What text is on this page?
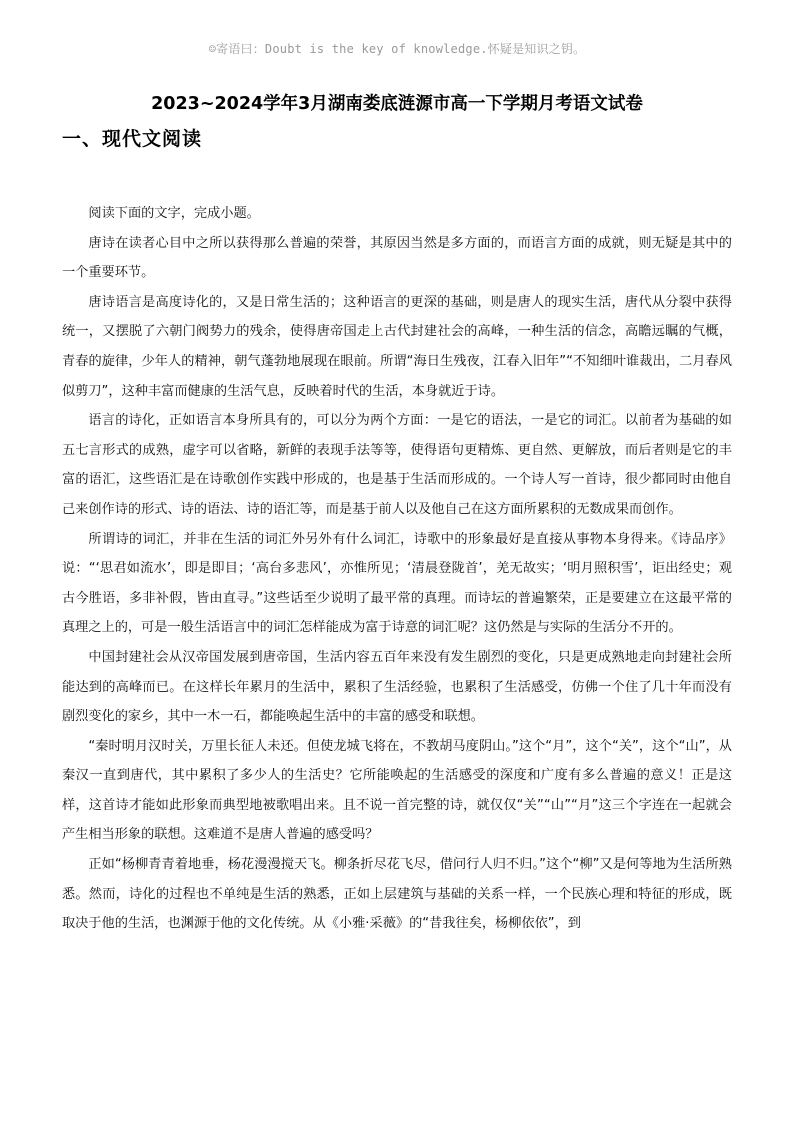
☺寄语曰：Doubt is the key of knowledge.怀疑是知识之钥。
2023~2024学年3月湖南娄底涟源市高一下学期月考语文试卷
一、现代文阅读

阅读下面的文字，完成小题。

唐诗在读者心目中之所以获得那么普遍的荣誉，其原因当然是多方面的，而语言方面的成就，则无疑是其中的一个重要环节。

唐诗语言是高度诗化的，又是日常生活的；这种语言的更深的基础，则是唐人的现实生活，唐代从分裂中获得统一，又摆脱了六朝门阀势力的残余，使得唐帝国走上古代封建社会的高峰，一种生活的信念，高瞻远瞩的气概，青春的旋律，少年人的精神，朝气蓬勃地展现在眼前。所谓“海日生残夜，江春入旧年”“不知细叶谁裁出，二月春风似剪刀”，这种丰富而健康的生活气息，反映着时代的生活，本身就近于诗。

语言的诗化，正如语言本身所具有的，可以分为两个方面：一是它的语法，一是它的词汇。以前者为基础的如五七言形式的成熟，虚字可以省略，新鲜的表现手法等等，使得语句更精炼、更自然、更解放，而后者则是它的丰富的语汇，这些语汇是在诗歌创作实践中形成的，也是基于生活而形成的。一个诗人写一首诗，很少都同时由他自己来创作诗的形式、诗的语法、诗的语汇等，而是基于前人以及他自己在这方面所累积的无数成果而创作。

所谓诗的词汇，并非在生活的词汇外另外有什么词汇，诗歌中的形象最好是直接从事物本身得来。《诗品序》说：“‘思君如流水’，即是即目；‘高台多悲风’，亦惟所见；‘清晨登陇首’，羌无故实；‘明月照积雪’，讵出经史；观古今胜语，多非补假，皆由直寻。”这些话至少说明了最平常的真理。而诗坛的普遍繁荣，正是要建立在这最平常的真理之上的，可是一般生活语言中的词汇怎样能成为富于诗意的词汇呢？这仍然是与实际的生活分不开的。

中国封建社会从汉帝国发展到唐帝国，生活内容五百年来没有发生剧烈的变化，只是更成熟地走向封建社会所能达到的高峰而已。在这样长年累月的生活中，累积了生活经验，也累积了生活感受，仿佛一个住了几十年而没有剧烈变化的家乡，其中一木一石，都能唤起生活中的丰富的感受和联想。

“秦时明月汉时关，万里长征人未还。但使龙城飞将在，不教胡马度阴山。”这个“月”，这个“关”，这个“山”，从秦汉一直到唐代，其中累积了多少人的生活史？它所能唤起的生活感受的深度和广度有多么普遍的意义！正是这样，这首诗才能如此形象而典型地被歌唱出来。且不说一首完整的诗，就仅仅“关”“山”“月”这三个字连在一起就会产生相当形象的联想。这难道不是唐人普遍的感受吗？

正如“杨柳青青着地垂，杨花漫漫搅天飞。柳条折尽花飞尽，借问行人归不归。”这个“柳”又是何等地为生活所熟悉。然而，诗化的过程也不单纯是生活的熟悉，正如上层建筑与基础的关系一样，一个民族心理和特征的形成，既取决于他的生活，也渊源于他的文化传统。从《小雅·采薇》的“昔我往矣，杨柳依依”，到
